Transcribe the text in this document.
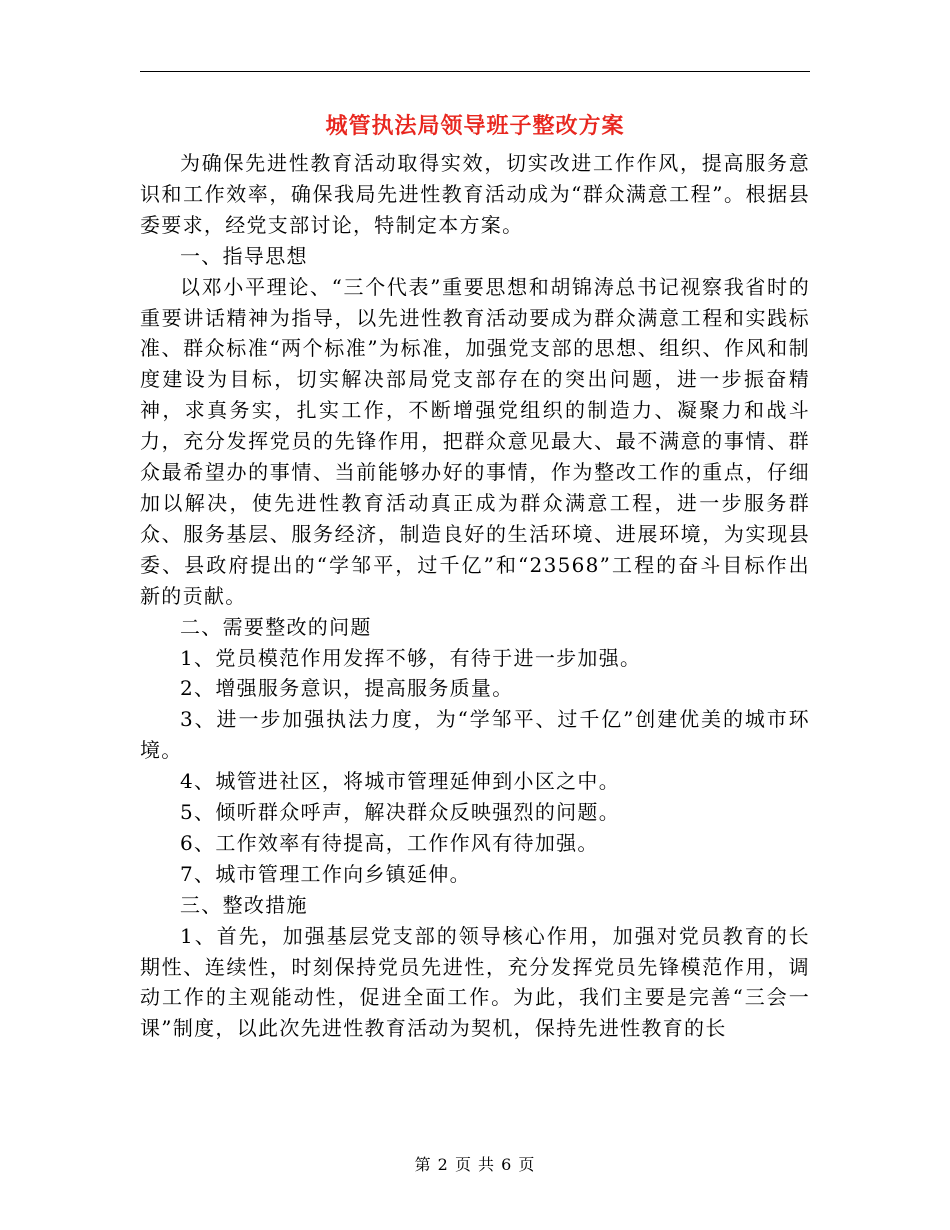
城管执法局领导班子整改方案

为确保先进性教育活动取得实效，切实改进工作作风，提高服务意识和工作效率，确保我局先进性教育活动成为“群众满意工程”。根据县委要求，经党支部讨论，特制定本方案。

一、指导思想

以邓小平理论、“三个代表”重要思想和胡锦涛总书记视察我省时的重要讲话精神为指导，以先进性教育活动要成为群众满意工程和实践标准、群众标准“两个标准”为标准，加强党支部的思想、组织、作风和制度建设为目标，切实解决部局党支部存在的突出问题，进一步振奋精神，求真务实，扎实工作，不断增强党组织的制造力、凝聚力和战斗力，充分发挥党员的先锋作用，把群众意见最大、最不满意的事情、群众最希望办的事情、当前能够办好的事情，作为整改工作的重点，仔细加以解决，使先进性教育活动真正成为群众满意工程，进一步服务群众、服务基层、服务经济，制造良好的生活环境、进展环境，为实现县委、县政府提出的“学邹平，过千亿”和“23568”工程的奋斗目标作出新的贡献。

二、需要整改的问题

1、党员模范作用发挥不够，有待于进一步加强。

2、增强服务意识，提高服务质量。

3、进一步加强执法力度，为“学邹平、过千亿”创建优美的城市环境。

4、城管进社区，将城市管理延伸到小区之中。

5、倾听群众呼声，解决群众反映强烈的问题。

6、工作效率有待提高，工作作风有待加强。

7、城市管理工作向乡镇延伸。

三、整改措施

1、首先，加强基层党支部的领导核心作用，加强对党员教育的长期性、连续性，时刻保持党员先进性，充分发挥党员先锋模范作用，调动工作的主观能动性，促进全面工作。为此，我们主要是完善“三会一课”制度，以此次先进性教育活动为契机，保持先进性教育的长

第 2 页 共 6 页
